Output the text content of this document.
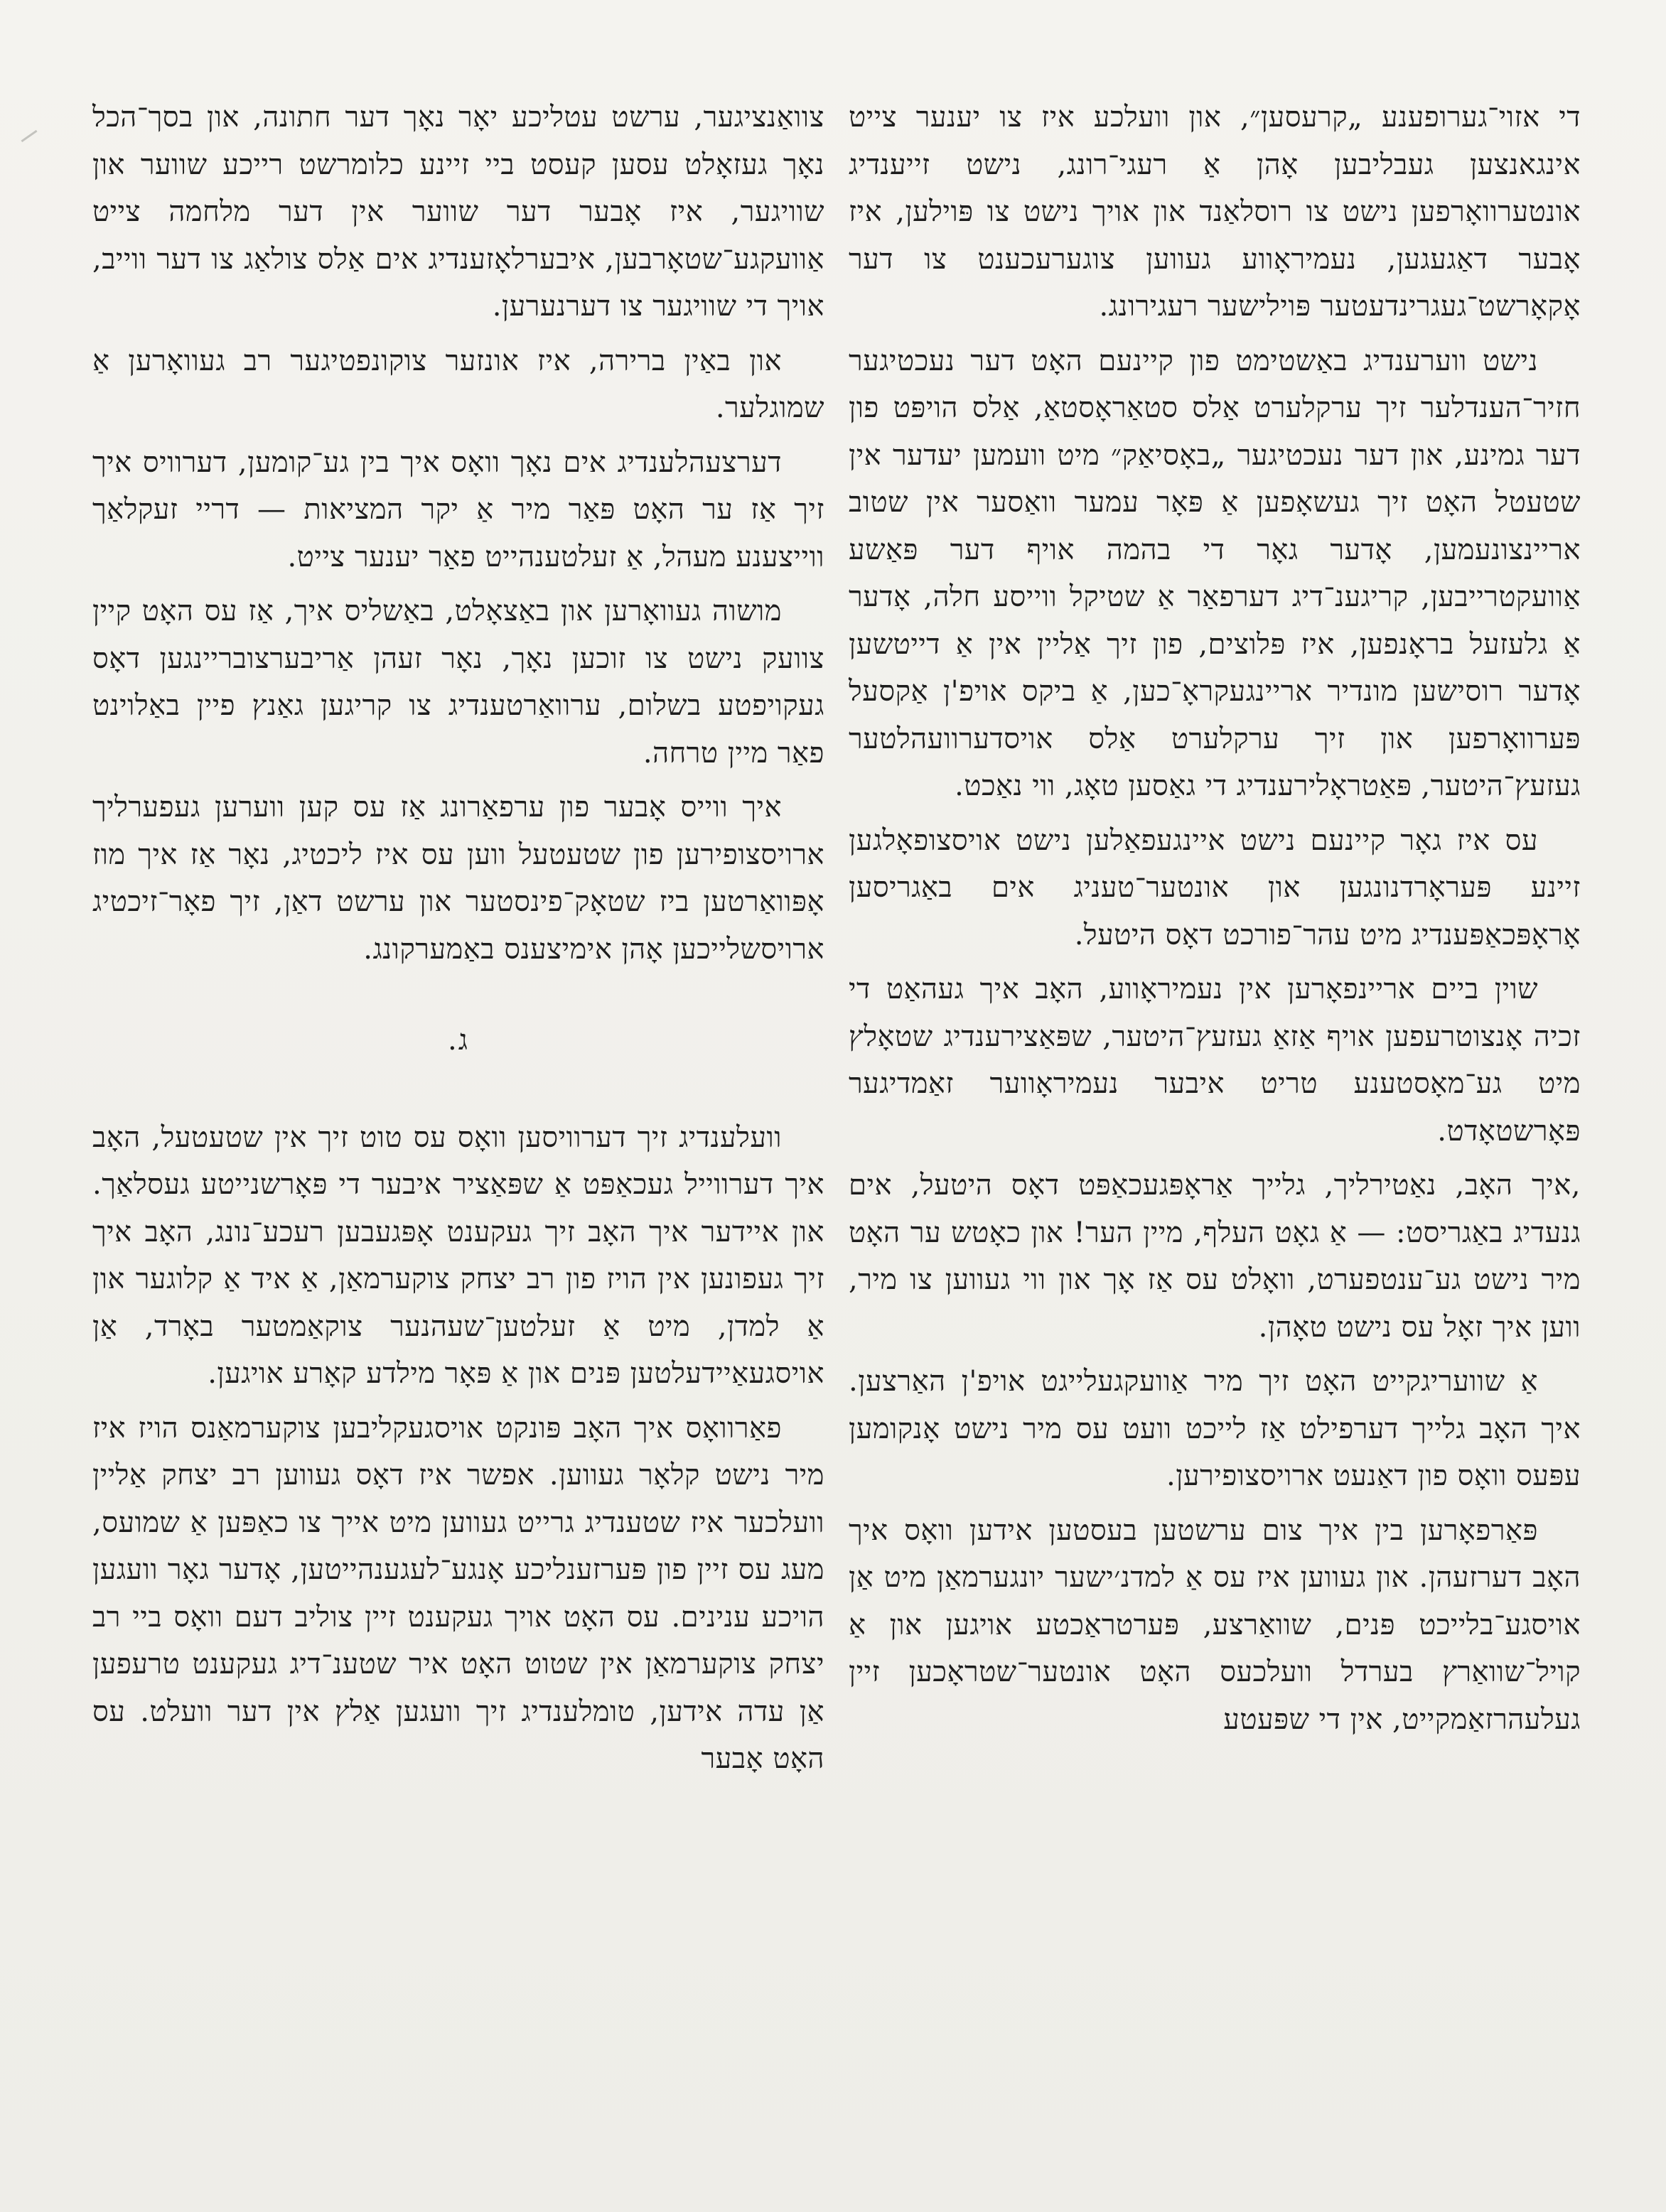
די אזוי־גערופענע „קרעסען״, און וועלכע איז צו יענער צייט אינגאנצען געבליבען אָהן אַ רעגי־רונג, נישט זייענדיג אונטערוואָרפען נישט צו רוסלאַנד און אויך נישט צו פּוילען, איז אָבער דאַגעגען, נעמיראָווע געווען צוגערעכענט צו דער אָקאָרשט־געגרינדעטער פּוילישער רעגירונג.

נישט ווערענדיג באַשטימט פון קיינעם האָט דער נעכטיגער חזיר־הענדלער זיך ערקלערט אַלס סטאַראָסטאַ, אַלס הויפּט פון דער גמינע, און דער נעכטיגער „באָסיאַק״ מיט וועמען יעדער אין שטעטל האָט זיך געשאָפען אַ פּאָר עמער וואַסער אין שטוב אריינצונעמען, אָדער גאָר די בהמה אויף דער פּאַשע אַוועקטרייבען, קריגענ־דיג דערפאַר אַ שטיקל ווייסע חלה, אָדער אַ גלעזעל בראָנפען, איז פּלוצים, פון זיך אַליין אין אַ דייטשען אָדער רוסישען מונדיר אריינגעקראָ־כען, אַ ביקס אויפ'ן אַקסעל פּערוואָרפען און זיך ערקלערט אַלס אויסדערוועהלטער געזעץ־היטער, פּאַטראָלירענדיג די גאַסען טאָג, ווי נאַכט.

עס איז גאָר קיינעם נישט איינגעפאַלען נישט אויסצופאָלגען זיינע פּעראָרדנונגען און אונטער־טעניג אים באַגריסען אָראָפּכאַפּענדיג מיט עהר־פורכט דאָס היטעל.

שוין ביים אריינפאָרען אין נעמיראָווע, האָב איך געהאַט די זכיה אָנצוטרעפען אויף אַזאַ געזעץ־היטער, שפּאַצירענדיג שטאָלץ מיט גע־מאָסטענע טריט איבער נעמיראָווער זאַמדיגער פּאָרשטאָדט.

,איך האָב, נאַטירליך, גלייך אַראָפּגעכאַפּט דאָס היטעל, אים גנעדיג באַגריסט: — אַ גאָט העלף, מיין הער! און כאָטש ער האָט מיר נישט גע־ענטפערט, וואָלט עס אַז אָך און ווי געווען צו מיר, ווען איך זאָל עס נישט טאָהן.

אַ שוועריגקייט האָט זיך מיר אַוועקגעלייגט אויפ'ן האַרצען. איך האָב גלייך דערפילט אַז לייכט וועט עס מיר נישט אָנקומען עפּעס וואָס פון דאַנעט ארויסצופירען.

פּאַרפאָרען בין איך צום ערשטען בעסטען אידען וואָס איך האָב דערזעהן. און געווען איז עס אַ למדנ׳ישער יונגערמאַן מיט אַן אויסגע־בלייכט פּנים, שוואַרצע, פּערטראַכטע אויגען און אַ קויל־שוואַרץ בערדל וועלכעס האָט אונטער־שטראָכען זיין געלעהרזאַמקייט, אין די שפּעטע

צוואַנציגער, ערשט עטליכע יאָר נאָך דער חתונה, און בסך־הכל נאָך געזאָלט עסען קעסט ביי זיינע כלומרשט רייכע שווער און שוויגער, איז אָבער דער שווער אין דער מלחמה צייט אַוועקגע־שטאָרבען, איבערלאָזענדיג אים אַלס צולאַג צו דער ווייב, אויך די שוויגער צו דערנערען.

און באַין ברירה, איז אונזער צוקונפטיגער רב געוואָרען אַ שמוגלער.

דערצעהלענדיג אים נאָך וואָס איך בין גע־קומען, דערוויס איך זיך אַז ער האָט פּאַר מיר אַ יקר המציאות — דריי זעקלאַך ווייצענע מעהל, אַ זעלטענהייט פאַר יענער צייט.

מושוה געוואָרען און באַצאָלט, באַשליס איך, אַז עס האָט קיין צוועק נישט צו זוכען נאָך, נאָר זעהן אַריבערצובריינגען דאָס געקויפטע בשלום, ערוואַרטענדיג צו קריגען גאַנץ פיין באַלוינט פאַר מיין טרחה.

איך ווייס אָבער פון ערפאַרונג אַז עס קען ווערען געפערליך ארויסצופירען פון שטעטעל ווען עס איז ליכטיג, נאָר אַז איך מוז אָפּוואַרטען ביז שטאָק־פינסטער און ערשט דאַן, זיך פאָר־זיכטיג ארויסשלייכען אָהן אימיצענס באַמערקונג.

ג.

וועלענדיג זיך דערוויסען וואָס עס טוט זיך אין שטעטעל, האָב איך דערווייל געכאַפּט אַ שפּאַציר איבער די פּאָרשנייטע געסלאַך. און איידער איך האָב זיך געקענט אָפּגעבען רעכע־נונג, האָב איך זיך געפונען אין הויז פון רב יצחק צוקערמאַן, אַ איד אַ קלוגער און אַ למדן, מיט אַ זעלטען־שעהנער צוקאַמטער באָרד, אַן אויסגעאַיידעלטען פּנים און אַ פּאָר מילדע קאָרע אויגען.

פאַרוואָס איך האָב פּונקט אויסגעקליבען צוקערמאַנס הויז איז מיר נישט קלאָר געווען. אפשר איז דאָס געווען רב יצחק אַליין וועלכער איז שטענדיג גרייט געווען מיט אייך צו כאַפּען אַ שמועס, מעג עס זיין פון פּערזענליכע אָנגע־לעגענהייטען, אָדער גאָר וועגען הויכע ענינים. עס האָט אויך געקענט זיין צוליב דעם וואָס ביי רב יצחק צוקערמאַן אין שטוט האָט איר שטענ־דיג געקענט טרעפען אַן עדה אידען, טומלענדיג זיך וועגען אַלץ אין דער וועלט. עס האָט אָבער
